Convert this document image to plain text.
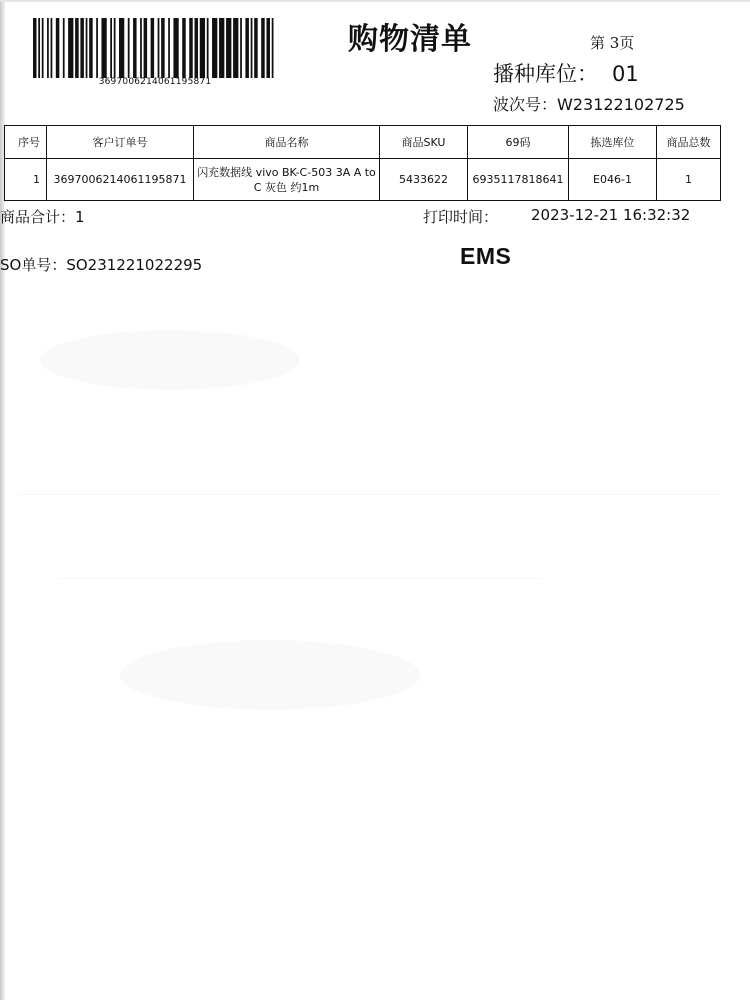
3697006214061195871
购物清单	第 3页
播种库位： 01
波次号：W23122102725
序号	客户订单号	商品名称	商品SKU	69码	拣选库位	商品总数
1	3697006214061195871	闪充数据线 vivo BK-C-503 3A A to C 灰色 约1m	5433622	6935117818641	E046-1	1
商品合计：1	打印时间： 2023-12-21 16:32:32
SO单号：SO231221022295	EMS
